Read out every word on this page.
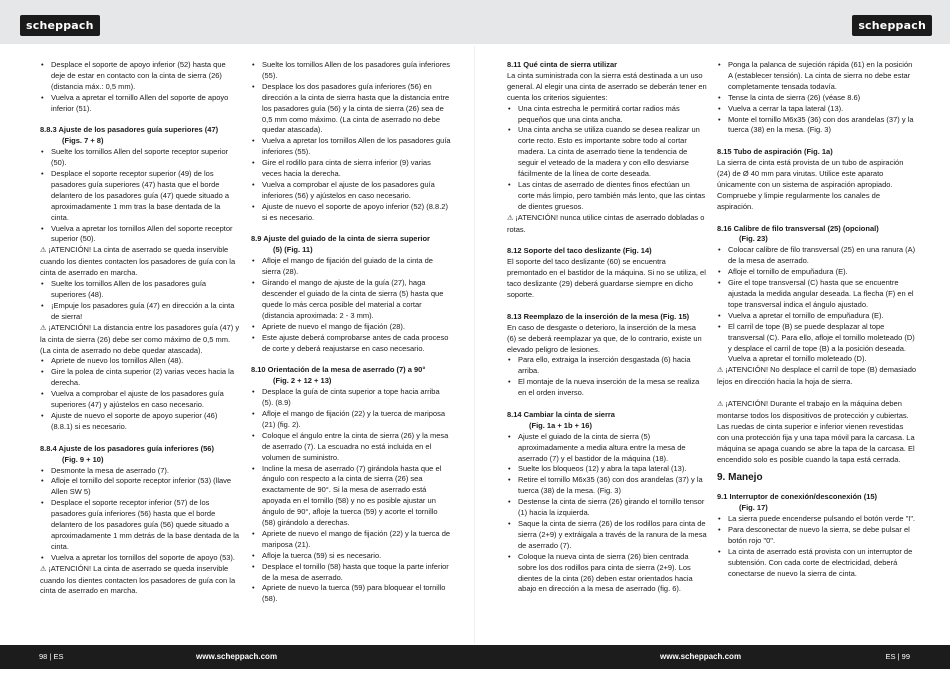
scheppach	scheppach
• Desplace el soporte de apoyo inferior (52) hasta que deje de estar en contacto con la cinta de sierra (26) (distancia máx.: 0,5 mm).
• Vuelva a apretar el tornillo Allen del soporte de apoyo inferior (51).
8.8.3 Ajuste de los pasadores guía superiores (47)
(Figs. 7 + 8)
• Suelte los tornillos Allen del soporte receptor superior (50).
• Desplace el soporte receptor superior (49) de los pasadores guía superiores (47) hasta que el borde delantero de los pasadores guía (47) quede situado a aproximadamente 1 mm tras la base dentada de la cinta.
• Vuelva a apretar los tornillos Allen del soporte receptor superior (50).

⚠ ¡ATENCIÓN! La cinta de aserrado se queda inservible cuando los dientes contacten los pasadores de guía con la cinta de aserrado en marcha.

• Suelte los tornillos Allen de los pasadores guía superiores (48).
• ¡Empuje los pasadores guía (47) en dirección a la cinta de sierra!

⚠ ¡ATENCIÓN! La distancia entre los pasadores guía (47) y la cinta de sierra (26) debe ser como máximo de 0,5 mm.

(La cinta de aserrado no debe quedar atascada).

• Apriete de nuevo los tornillos Allen (48).
• Gire la polea de cinta superior (2) varias veces hacia la derecha.
• Vuelva a comprobar el ajuste de los pasadores guía superiores (47) y ajústelos en caso necesario.
• Ajuste de nuevo el soporte de apoyo superior (46) (8.8.1) si es necesario.
8.8.4 Ajuste de los pasadores guía inferiores (56)
(Fig. 9 + 10)
• Desmonte la mesa de aserrado (7).
• Afloje el tornillo del soporte receptor inferior (53) (llave Allen SW 5)
• Desplace el soporte receptor inferior (57) de los pasadores guía inferiores (56) hasta que el borde delantero de los pasadores guía (56) quede situado a aproximadamente 1 mm detrás de la base dentada de la cinta.
• Vuelva a apretar los tornillos del soporte de apoyo (53).

⚠ ¡ATENCIÓN! La cinta de aserrado se queda inservible cuando los dientes contacten los pasadores de guía con la cinta de aserrado en marcha.

• Suelte los tornillos Allen de los pasadores guía inferiores (55).
• Desplace los dos pasadores guía inferiores (56) en dirección a la cinta de sierra hasta que la distancia entre los pasadores guía (56) y la cinta de sierra (26) sea de 0,5 mm como máximo. (La cinta de aserrado no debe quedar atascada).
• Vuelva a apretar los tornillos Allen de los pasadores guía inferiores (55).
• Gire el rodillo para cinta de sierra inferior (9) varias veces hacia la derecha.
• Vuelva a comprobar el ajuste de los pasadores guía inferiores (56) y ajústelos en caso necesario.
• Ajuste de nuevo el soporte de apoyo inferior (52) (8.8.2) si es necesario.
8.9 Ajuste del guiado de la cinta de sierra superior
(5) (Fig. 11)
• Afloje el mango de fijación del guiado de la cinta de sierra (28).
• Girando el mango de ajuste de la guía (27), haga descender el guiado de la cinta de sierra (5) hasta que quede lo más cerca posible del material a cortar (distancia aproximada: 2 - 3 mm).
• Apriete de nuevo el mango de fijación (28).
• Este ajuste deberá comprobarse antes de cada proceso de corte y deberá reajustarse en caso necesario.
8.10 Orientación de la mesa de aserrado (7) a 90°
(Fig. 2 + 12 + 13)
• Desplace la guía de cinta superior a tope hacia arriba (5). (8.9)
• Afloje el mango de fijación (22) y la tuerca de mariposa (21) (fig. 2).
• Coloque el ángulo entre la cinta de sierra (26) y la mesa de aserrado (7). La escuadra no está incluida en el volumen de suministro.
• Incline la mesa de aserrado (7) girándola hasta que el ángulo con respecto a la cinta de sierra (26) sea exactamente de 90°. Si la mesa de aserrado está apoyada en el tornillo (58) y no es posible ajustar un ángulo de 90°, afloje la tuerca (59) y acorte el tornillo (58) girándolo a derechas.
• Apriete de nuevo el mango de fijación (22) y la tuerca de mariposa (21).
• Afloje la tuerca (59) si es necesario.
• Desplace el tornillo (58) hasta que toque la parte inferior de la mesa de aserrado.
• Apriete de nuevo la tuerca (59) para bloquear el tornillo (58).
8.11 Qué cinta de sierra utilizar

La cinta suministrada con la sierra está destinada a un uso general. Al elegir una cinta de aserrado se deberán tener en cuenta los criterios siguientes:

• Una cinta estrecha le permitirá cortar radios más pequeños que una cinta ancha.
• Una cinta ancha se utiliza cuando se desea realizar un corte recto. Esto es importante sobre todo al cortar madera. La cinta de aserrado tiene la tendencia de seguir el veteado de la madera y con ello desviarse fácilmente de la línea de corte deseada.
• Las cintas de aserrado de dientes finos efectúan un corte más limpio, pero también más lento, que las cintas de dientes gruesos.

⚠ ¡ATENCIÓN! nunca utilice cintas de aserrado dobladas o rotas.

8.12 Soporte del taco deslizante (Fig. 14)

El soporte del taco deslizante (60) se encuentra premontado en el bastidor de la máquina. Si no se utiliza, el taco deslizante (29) deberá guardarse siempre en dicho soporte.

8.13 Reemplazo de la inserción de la mesa (Fig. 15)

En caso de desgaste o deterioro, la inserción de la mesa (6) se deberá reemplazar ya que, de lo contrario, existe un elevado peligro de lesiones.

• Para ello, extraiga la inserción desgastada (6) hacia arriba.
• El montaje de la nueva inserción de la mesa se realiza en el orden inverso.
8.14 Cambiar la cinta de sierra
(Fig. 1a + 1b + 16)
• Ajuste el guiado de la cinta de sierra (5) aproximadamente a media altura entre la mesa de aserrado (7) y el bastidor de la máquina (18).
• Suelte los bloqueos (12) y abra la tapa lateral (13).
• Retire el tornillo M6x35 (36) con dos arandelas (37) y la tuerca (38) de la mesa. (Fig. 3)
• Destense la cinta de sierra (26) girando el tornillo tensor (1) hacia la izquierda.
• Saque la cinta de sierra (26) de los rodillos para cinta de sierra (2+9) y extráigala a través de la ranura de la mesa de aserrado (7).
• Coloque la nueva cinta de sierra (26) bien centrada sobre los dos rodillos para cinta de sierra (2+9). Los dientes de la cinta (26) deben estar orientados hacia abajo en dirección a la mesa de aserrado (fig. 6).
• Ponga la palanca de sujeción rápida (61) en la posición A (establecer tensión). La cinta de sierra no debe estar completamente tensada todavía.
• Tense la cinta de sierra (26) (véase 8.6)
• Vuelva a cerrar la tapa lateral (13).
• Monte el tornillo M6x35 (36) con dos arandelas (37) y la tuerca (38) en la mesa. (Fig. 3)
8.15 Tubo de aspiración (Fig. 1a)

La sierra de cinta está provista de un tubo de aspiración (24) de Ø 40 mm para virutas. Utilice este aparato únicamente con un sistema de aspiración apropiado. Compruebe y limpie regularmente los canales de aspiración.

8.16 Calibre de filo transversal (25) (opcional)
(Fig. 23)
• Colocar calibre de filo transversal (25) en una ranura (A) de la mesa de aserrado.
• Afloje el tornillo de empuñadura (E).
• Gire el tope transversal (C) hasta que se encuentre ajustada la medida angular deseada. La flecha (F) en el tope transversal indica el ángulo ajustado.
• Vuelva a apretar el tornillo de empuñadura (E).
• El carril de tope (B) se puede desplazar al tope transversal (C). Para ello, afloje el tornillo moleteado (D) y desplace el carril de tope (B) a la posición deseada. Vuelva a apretar el tornillo moleteado (D).

⚠ ¡ATENCIÓN! No desplace el carril de tope (B) demasiado lejos en dirección hacia la hoja de sierra.

⚠ ¡ATENCIÓN! Durante el trabajo en la máquina deben montarse todos los dispositivos de protección y cubiertas. Las ruedas de cinta superior e inferior vienen revestidas con una protección fija y una tapa móvil para la carcasa. La máquina se apaga cuando se abre la tapa de la carcasa. El encendido solo es posible cuando la tapa está cerrada.

9. Manejo
9.1 Interruptor de conexión/desconexión (15)
(Fig. 17)
• La sierra puede encenderse pulsando el botón verde "I".
• Para desconectar de nuevo la sierra, se debe pulsar el botón rojo "0".
• La cinta de aserrado está provista con un interruptor de subtensión. Con cada corte de electricidad, deberá conectarse de nuevo la sierra de cinta.
98 | ES	www.scheppach.com	www.scheppach.com	ES | 99
